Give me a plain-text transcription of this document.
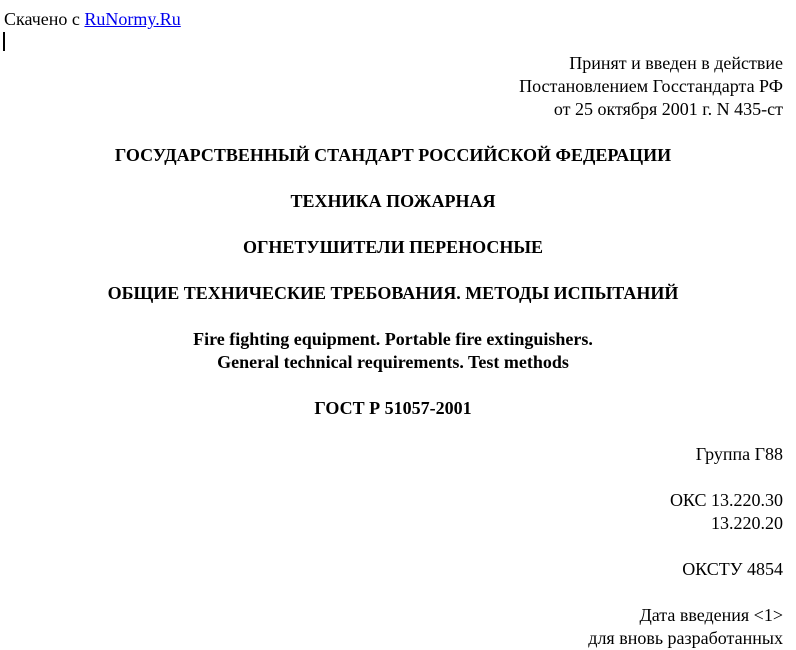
Скачено с RuNormy.Ru
Принят и введен в действие
Постановлением Госстандарта РФ
от 25 октября 2001 г. N 435-ст
ГОСУДАРСТВЕННЫЙ СТАНДАРТ РОССИЙСКОЙ ФЕДЕРАЦИИ
ТЕХНИКА ПОЖАРНАЯ
ОГНЕТУШИТЕЛИ ПЕРЕНОСНЫЕ
ОБЩИЕ ТЕХНИЧЕСКИЕ ТРЕБОВАНИЯ. МЕТОДЫ ИСПЫТАНИЙ
Fire fighting equipment. Portable fire extinguishers.
General technical requirements. Test methods
ГОСТ Р 51057-2001
Группа Г88
ОКС 13.220.30
13.220.20
ОКСТУ 4854
Дата введения <1>
для вновь разработанных
